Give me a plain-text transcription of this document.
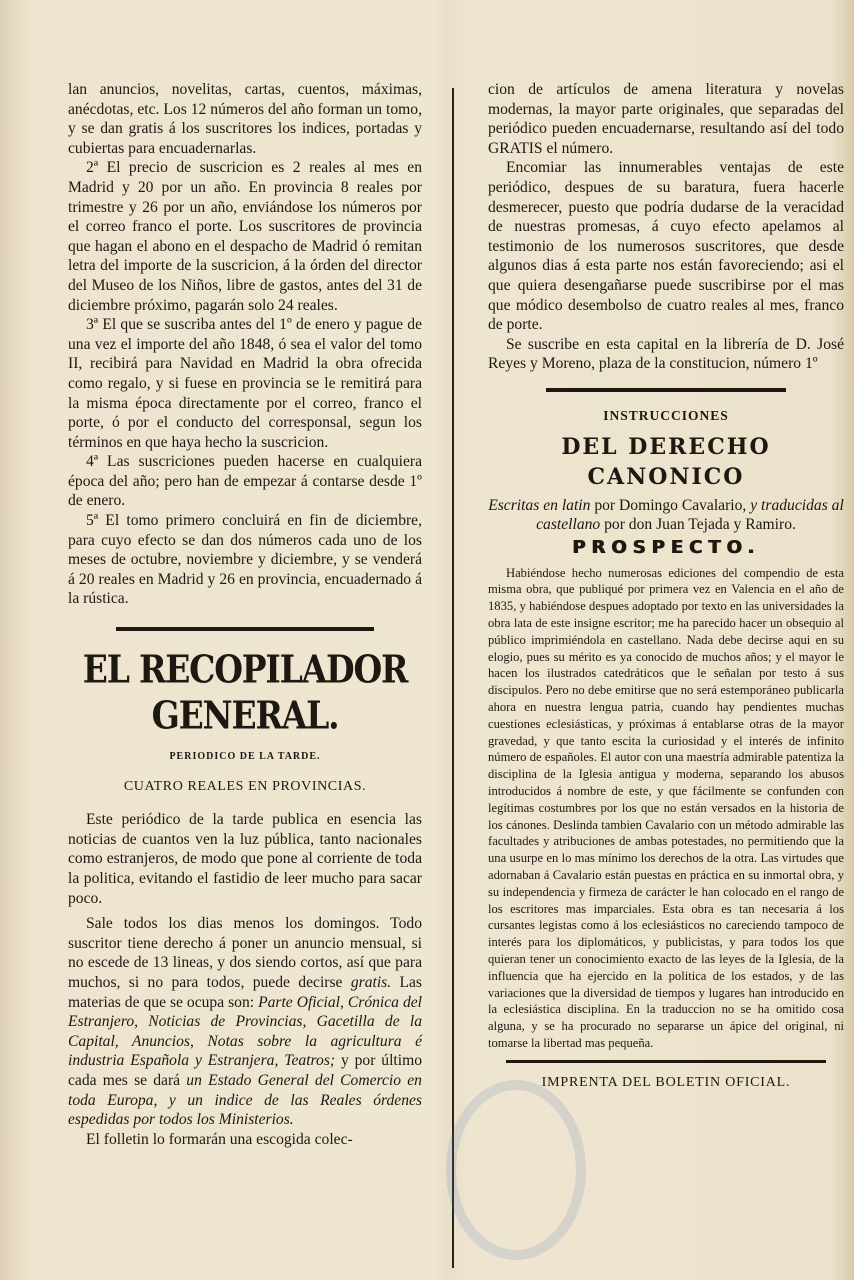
lan anuncios, novelitas, cartas, cuentos, máximas, anécdotas, etc. Los 12 números del año forman un tomo, y se dan gratis á los suscritores los indices, portadas y cubiertas para encuadernarlas.

2ª El precio de suscricion es 2 reales al mes en Madrid y 20 por un año. En provincia 8 reales por trimestre y 26 por un año, enviándose los números por el correo franco el porte. Los suscritores de provincia que hagan el abono en el despacho de Madrid ó remitan letra del importe de la suscricion, á la órden del director del Museo de los Niños, libre de gastos, antes del 31 de diciembre próximo, pagarán solo 24 reales.

3ª El que se suscriba antes del 1º de enero y pague de una vez el importe del año 1848, ó sea el valor del tomo II, recibirá para Navidad en Madrid la obra ofrecida como regalo, y si fuese en provincia se le remitirá para la misma época directamente por el correo, franco el porte, ó por el conducto del corresponsal, segun los términos en que haya hecho la suscricion.

4ª Las suscriciones pueden hacerse en cualquiera época del año; pero han de empezar á contarse desde 1º de enero.

5ª El tomo primero concluirá en fin de diciembre, para cuyo efecto se dan dos números cada uno de los meses de octubre, noviembre y diciembre, y se venderá á 20 reales en Madrid y 26 en provincia, encuadernado á la rústica.

EL RECOPILADOR GENERAL.
PERIODICO DE LA TARDE.
CUATRO REALES EN PROVINCIAS.

Este periódico de la tarde publica en esencia las noticias de cuantos ven la luz pública, tanto nacionales como estranjeros, de modo que pone al corriente de toda la politica, evitando el fastidio de leer mucho para sacar poco.

Sale todos los dias menos los domingos. Todo suscritor tiene derecho á poner un anuncio mensual, si no escede de 13 lineas, y dos siendo cortos, así que para muchos, si no para todos, puede decirse gratis. Las materias de que se ocupa son: Parte Oficial, Crónica del Estranjero, Noticias de Provincias, Gacetilla de la Capital, Anuncios, Notas sobre la agricultura é industria Española y Estranjera, Teatros; y por último cada mes se dará un Estado General del Comercio en toda Europa, y un indice de las Reales órdenes espedidas por todos los Ministerios.

El folletin lo formarán una escogida colec-

cion de artículos de amena literatura y novelas modernas, la mayor parte originales, que separadas del periódico pueden encuadernarse, resultando así del todo GRATIS el número.

Encomiar las innumerables ventajas de este periódico, despues de su baratura, fuera hacerle desmerecer, puesto que podría dudarse de la veracidad de nuestras promesas, á cuyo efecto apelamos al testimonio de los numerosos suscritores, que desde algunos dias á esta parte nos están favoreciendo; asi el que quiera desengañarse puede suscribirse por el mas que módico desembolso de cuatro reales al mes, franco de porte.

Se suscribe en esta capital en la librería de D. José Reyes y Moreno, plaza de la constitucion, número 1º

INSTRUCCIONES
DEL DERECHO CANONICO

Escritas en latin por Domingo Cavalario, y traducidas al castellano por don Juan Tejada y Ramiro.

PROSPECTO.

Habiéndose hecho numerosas ediciones del compendio de esta misma obra, que publiqué por primera vez en Valencia en el año de 1835, y habiéndose despues adoptado por texto en las universidades la obra lata de este insigne escritor; me ha parecido hacer un obsequio al público imprimiéndola en castellano. Nada debe decirse aqui en su elogio, pues su mérito es ya conocido de muchos años; y el mayor le hacen los ilustrados catedráticos que le señalan por testo á sus discipulos. Pero no debe emitirse que no será estemporáneo publicarla ahora en nuestra lengua patria, cuando hay pendientes muchas cuestiones eclesiásticas, y próximas á entablarse otras de la mayor gravedad, y que tanto escita la curiosidad y el interés de infinito número de españoles. El autor con una maestría admirable patentiza la disciplina de la Iglesia antigua y moderna, separando los abusos introducidos á nombre de este, y que fácilmente se confunden con legítimas costumbres por los que no están versados en la historia de los cánones. Deslinda tambien Cavalario con un método admirable las facultades y atribuciones de ambas potestades, no permitiendo que la una usurpe en lo mas mínimo los derechos de la otra. Las virtudes que adornaban á Cavalario están puestas en práctica en su inmortal obra, y su independencia y firmeza de carácter le han colocado en el rango de los escritores mas imparciales. Esta obra es tan necesaria á los cursantes legistas como á los eclesiásticos no careciendo tampoco de interés para los diplomáticos, y publicistas, y para todos los que quieran tener un conocimiento exacto de las leyes de la Iglesia, de la influencia que ha ejercido en la politica de los estados, y de las variaciones que la diversidad de tiempos y lugares han introducido en la eclesiástica disciplina. En la traduccion no se ha omitido cosa alguna, y se ha procurado no separarse un ápice del original, ni tomarse la libertad mas pequeña.

IMPRENTA DEL BOLETIN OFICIAL.
